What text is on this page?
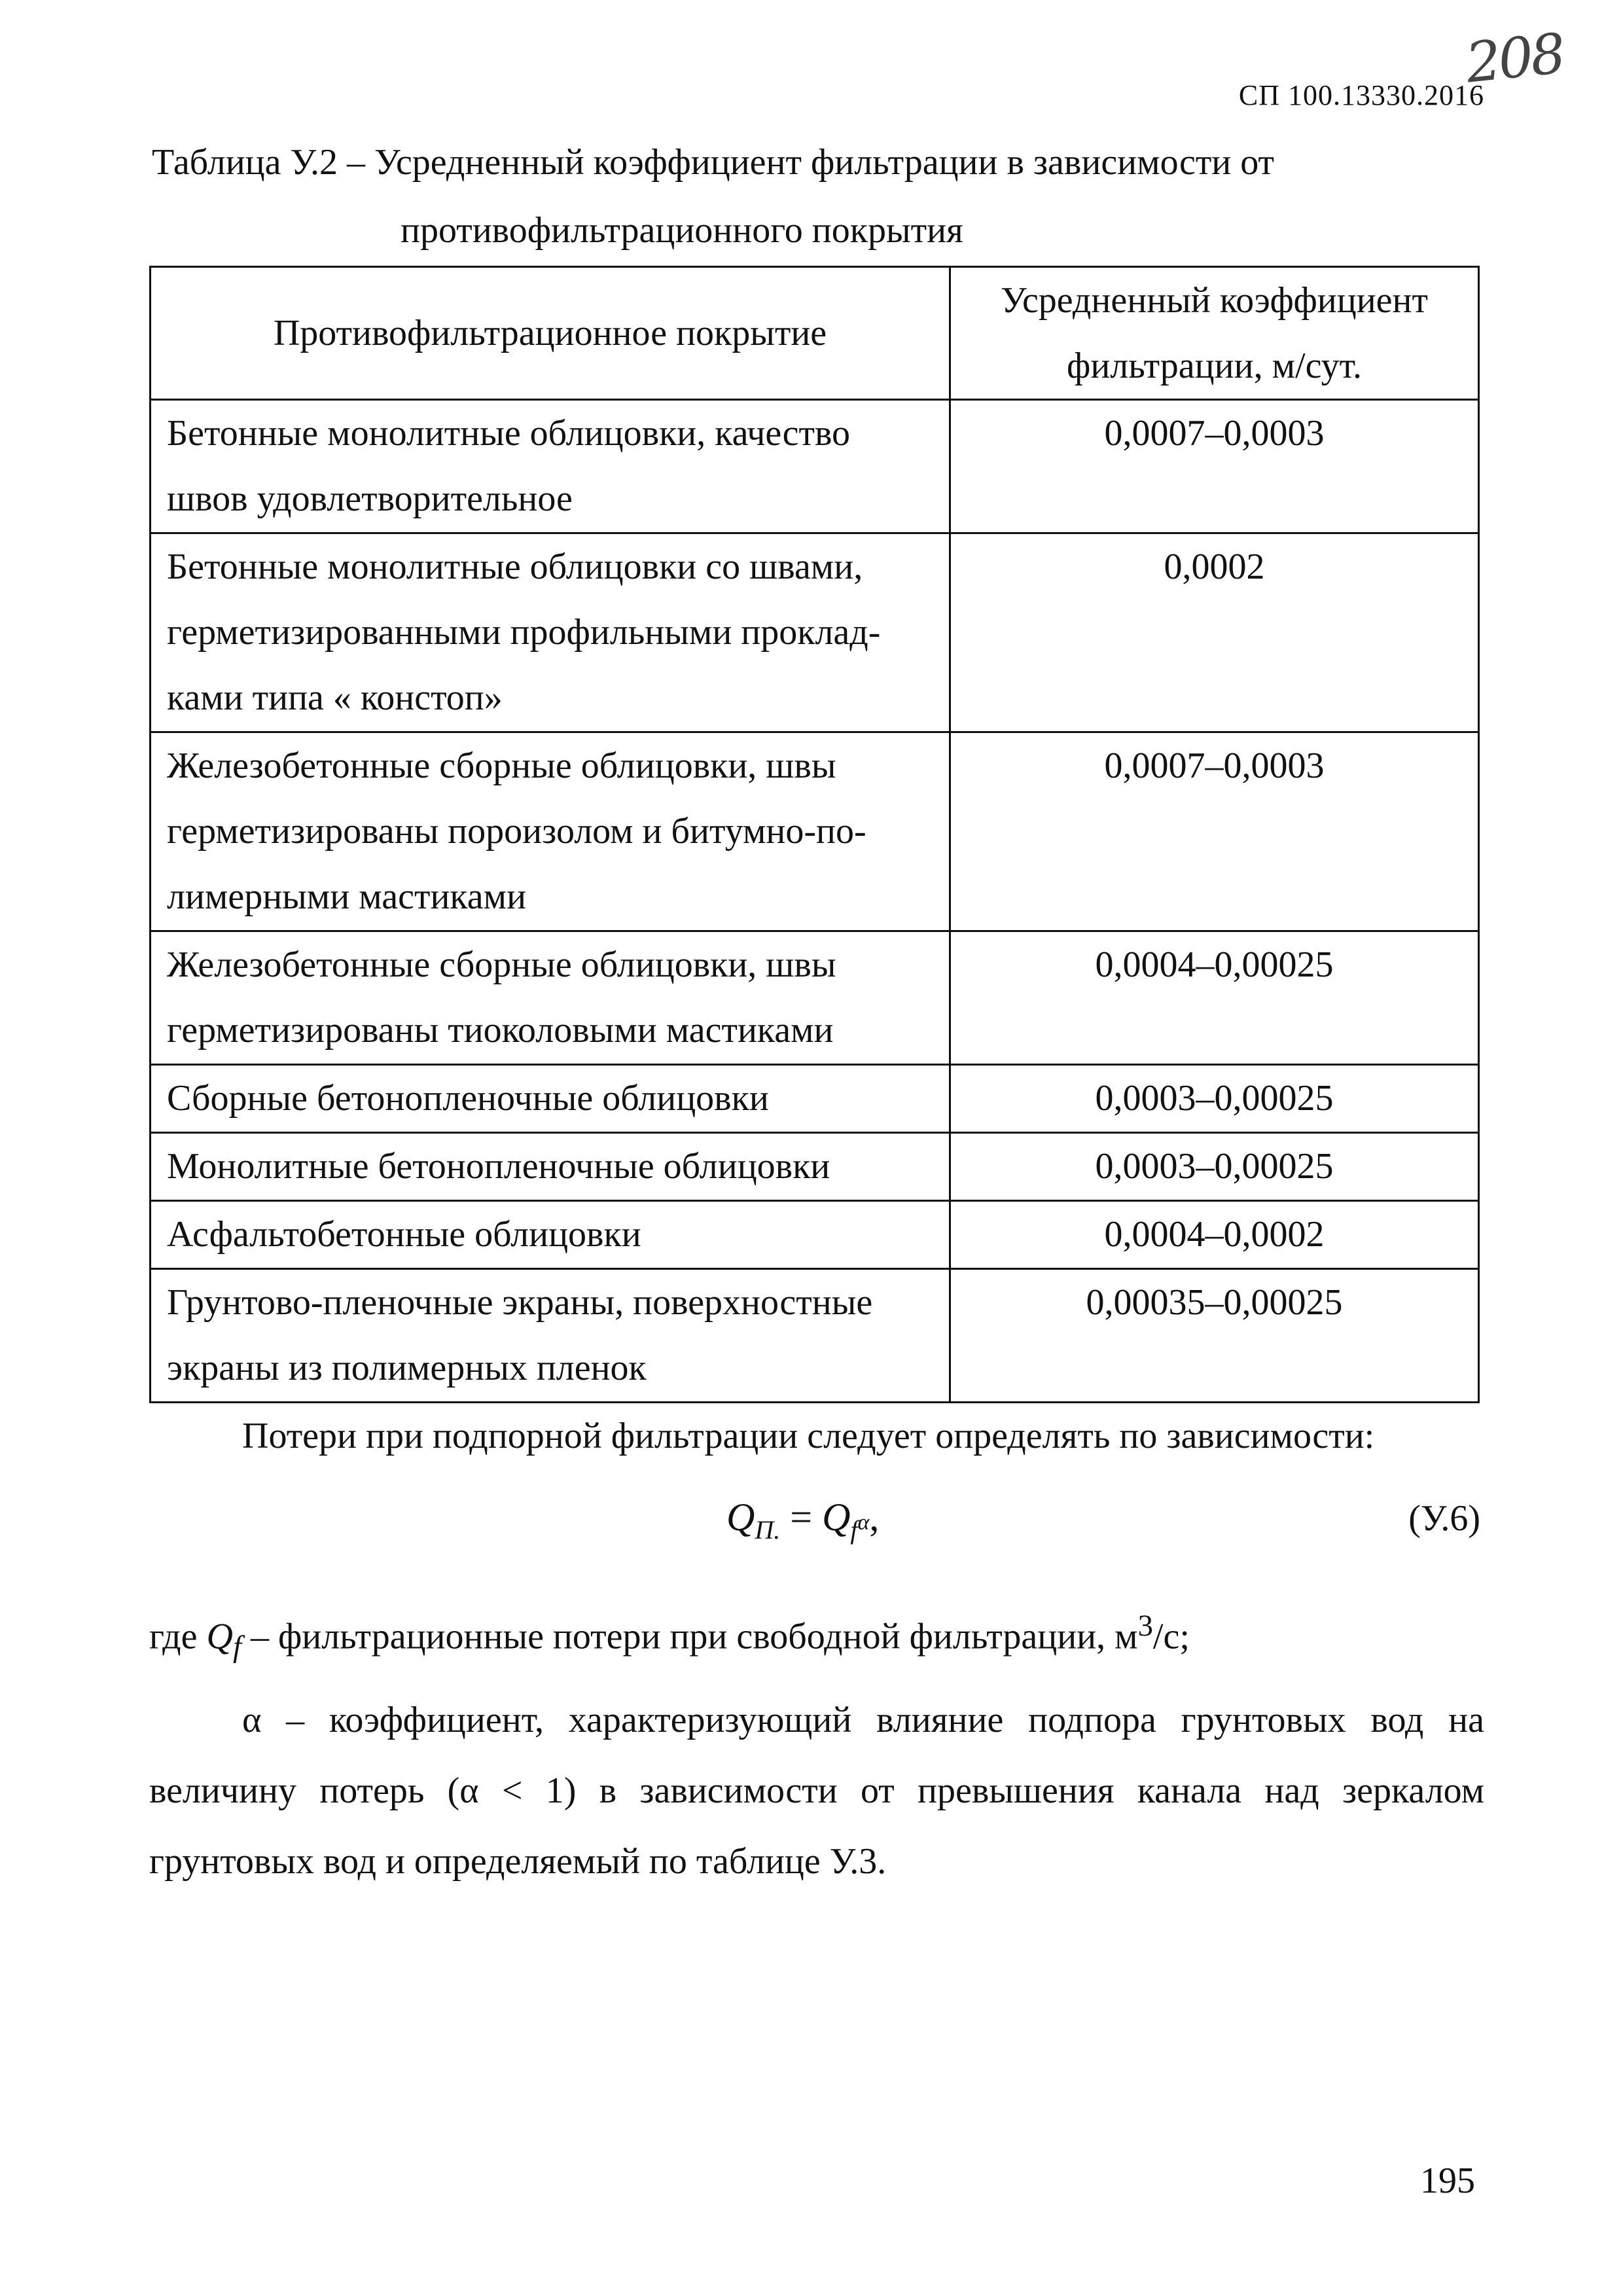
208
СП 100.13330.2016
Таблица У.2 – Усредненный коэффициент фильтрации в зависимости от
противофильтрационного покрытия
Противофильтрационное покрытие	Усредненный коэффициент фильтрации, м/сут.
Бетонные монолитные облицовки, качество швов удовлетворительное	0,0007–0,0003
Бетонные монолитные облицовки со швами, герметизированными профильными проклад-ками типа « констоп»	0,0002
Железобетонные сборные облицовки, швы герметизированы пороизолом и битумно-по-лимерными мастиками	0,0007–0,0003
Железобетонные сборные облицовки, швы герметизированы тиоколовыми мастиками	0,0004–0,00025
Сборные бетонопленочные облицовки	0,0003–0,00025
Монолитные бетонопленочные облицовки	0,0003–0,00025
Асфальтобетонные облицовки	0,0004–0,0002
Грунтово-пленочные экраны, поверхностные экраны из полимерных пленок	0,00035–0,00025
Потери при подпорной фильтрации следует определять по зависимости:
$Q_{П.} = Q_{f^\alpha}$,	(У.6)
где $Q_f$ – фильтрационные потери при свободной фильтрации, $м^3/с$;
α – коэффициент, характеризующий влияние подпора грунтовых вод на величину потерь (α < 1) в зависимости от превышения канала над зеркалом грунтовых вод и определяемый по таблице У.3.
195
